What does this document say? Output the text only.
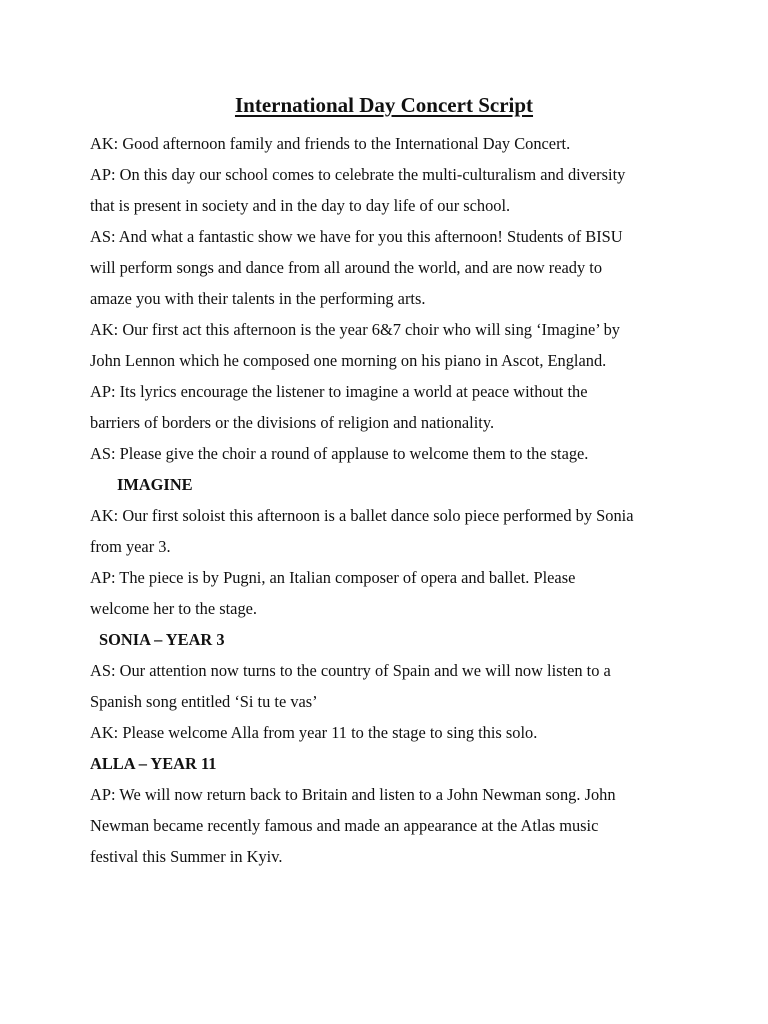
International Day Concert Script
AK: Good afternoon family and friends to the International Day Concert.
AP: On this day our school comes to celebrate the multi-culturalism and diversity
that is present in society and in the day to day life of our school.
AS: And what a fantastic show we have for you this afternoon! Students of BISU
will perform songs and dance from all around the world, and are now ready to
amaze you with their talents in the performing arts.
AK: Our first act this afternoon is the year 6&7 choir who will sing ‘Imagine’ by
John Lennon which he composed one morning on his piano in Ascot, England.
AP: Its lyrics encourage the listener to imagine a world at peace without the
barriers of borders or the divisions of religion and nationality.
AS: Please give the choir a round of applause to welcome them to the stage.
IMAGINE
AK: Our first soloist this afternoon is a ballet dance solo piece performed by Sonia
from year 3.
AP: The piece is by Pugni, an Italian composer of opera and ballet. Please
welcome her to the stage.
SONIA – YEAR 3
AS: Our attention now turns to the country of Spain and we will now listen to a
Spanish song entitled ‘Si tu te vas’
AK: Please welcome Alla from year 11 to the stage to sing this solo.
ALLA – YEAR 11
AP: We will now return back to Britain and listen to a John Newman song. John
Newman became recently famous and made an appearance at the Atlas music
festival this Summer in Kyiv.
